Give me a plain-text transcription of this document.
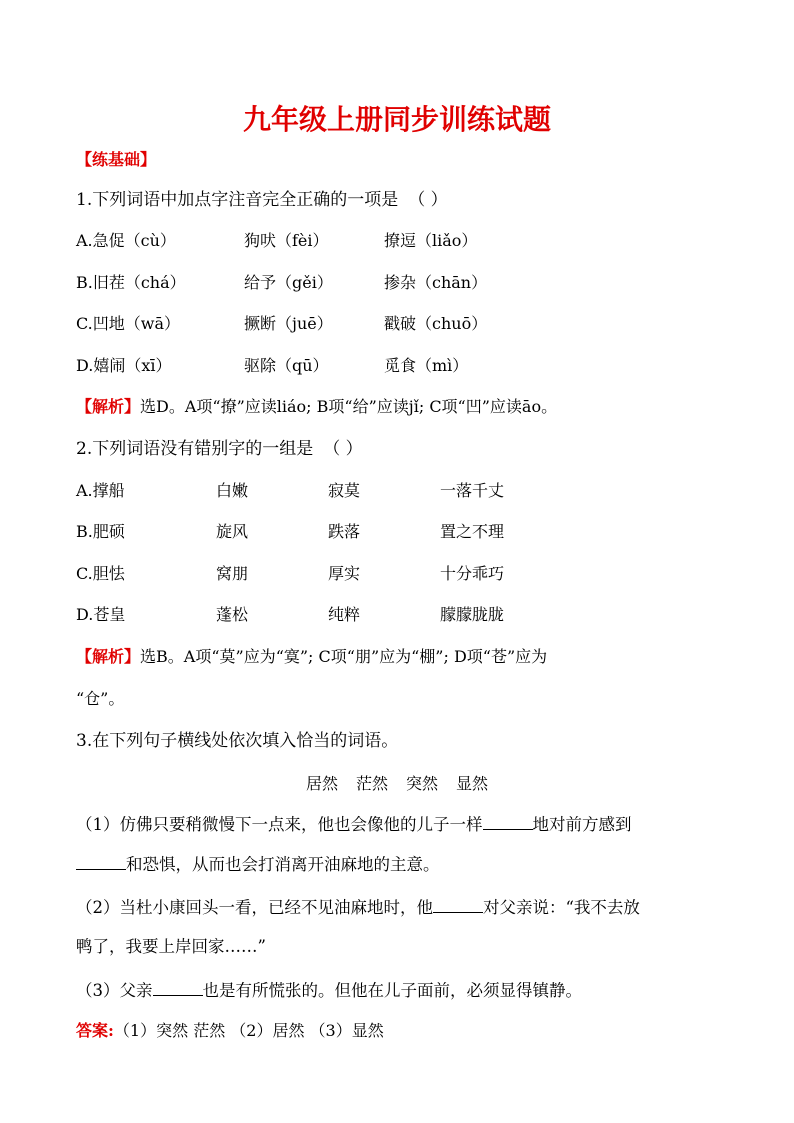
九年级上册同步训练试题
【练基础】
1.下列词语中加点字注音完全正确的一项是 （ ）
A.急促（cù）	狗吠（fèi）	撩逗（liǎo）
B.旧茬（chá）	给予（gěi）	掺杂（chān）
C.凹地（wā）	撅断（juē）	戳破（chuō）
D.嬉闹（xī）	驱除（qū）	觅食（mì）
【解析】选D。A项“撩”应读liáo; B项“给”应读jǐ; C项“凹”应读āo。
2.下列词语没有错别字的一组是 （ ）
A.撑船	白嫩	寂莫	一落千丈
B.肥硕	旋风	跌落	置之不理
C.胆怯	窝朋	厚实	十分乖巧
D.苍皇	蓬松	纯粹	朦朦胧胧
【解析】选B。A项“莫”应为“寞”; C项“朋”应为“棚”; D项“苍”应为
“仓”。
3.在下列句子横线处依次填入恰当的词语。
居然 茫然 突然 显然
（1）仿佛只要稍微慢下一点来，他也会像他的儿子一样	地对前方感到
和恐惧，从而也会打消离开油麻地的主意。
（2）当杜小康回头一看，已经不见油麻地时，他	对父亲说：“我不去放
鸭了，我要上岸回家……”
（3）父亲	也是有所慌张的。但他在儿子面前，必须显得镇静。
答案:（1）突然 茫然 （2）居然 （3）显然
